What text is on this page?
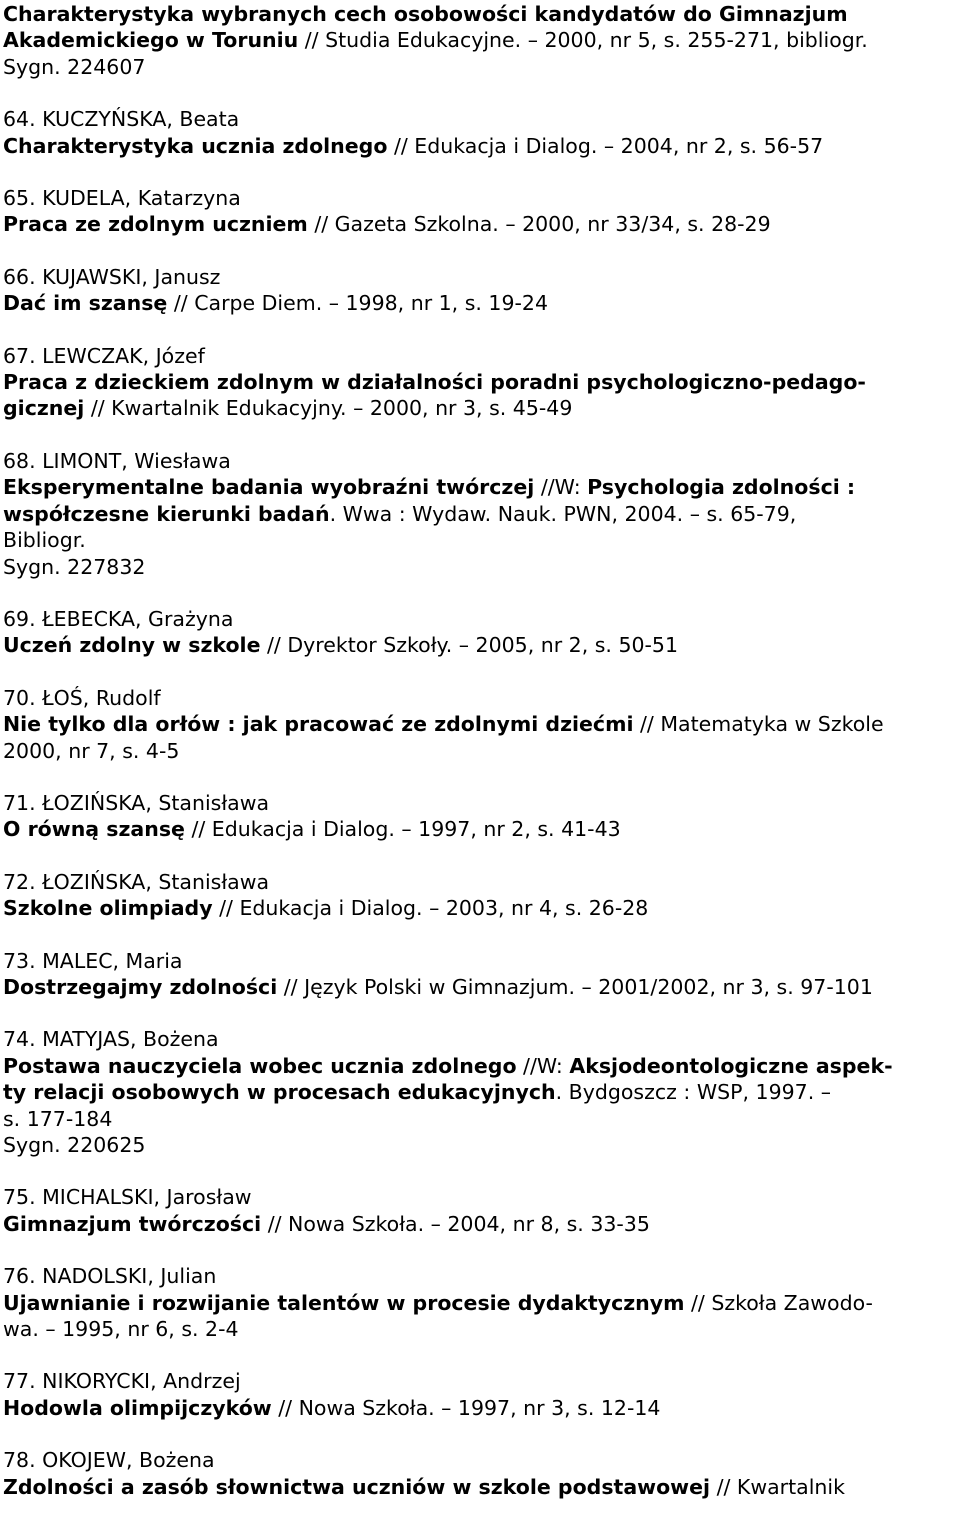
Charakterystyka wybranych cech osobowości kandydatów do Gimnazjum
Akademickiego w Toruniu // Studia Edukacyjne. – 2000, nr 5, s. 255-271, bibliogr.
Sygn. 224607
64. KUCZYŃSKA, Beata
Charakterystyka ucznia zdolnego // Edukacja i Dialog. – 2004, nr 2, s. 56-57
65. KUDELA, Katarzyna
Praca ze zdolnym uczniem // Gazeta Szkolna. – 2000, nr 33/34, s. 28-29
66. KUJAWSKI, Janusz
Dać im szansę // Carpe Diem. – 1998, nr 1, s. 19-24
67. LEWCZAK, Józef
Praca z dzieckiem zdolnym w działalności poradni psychologiczno-pedago-
gicznej // Kwartalnik Edukacyjny. – 2000, nr 3, s. 45-49
68. LIMONT, Wiesława
Eksperymentalne badania wyobraźni twórczej //W: Psychologia zdolności :
współczesne kierunki badań. Wwa : Wydaw. Nauk. PWN, 2004. – s. 65-79,
Bibliogr.
Sygn. 227832
69. ŁEBECKA, Grażyna
Uczeń zdolny w szkole // Dyrektor Szkoły. – 2005, nr 2, s. 50-51
70. ŁOŚ, Rudolf
Nie tylko dla orłów : jak pracować ze zdolnymi dziećmi // Matematyka w Szkole
2000, nr 7, s. 4-5
71. ŁOZIŃSKA, Stanisława
O równą szansę // Edukacja i Dialog. – 1997, nr 2, s. 41-43
72. ŁOZIŃSKA, Stanisława
Szkolne olimpiady // Edukacja i Dialog. – 2003, nr 4, s. 26-28
73. MALEC, Maria
Dostrzegajmy zdolności // Język Polski w Gimnazjum. – 2001/2002, nr 3, s. 97-101
74. MATYJAS, Bożena
Postawa nauczyciela wobec ucznia zdolnego //W: Aksjodeontologiczne aspek-
ty relacji osobowych w procesach edukacyjnych. Bydgoszcz : WSP, 1997. –
s. 177-184
Sygn. 220625
75. MICHALSKI, Jarosław
Gimnazjum twórczości // Nowa Szkoła. – 2004, nr 8, s. 33-35
76. NADOLSKI, Julian
Ujawnianie i rozwijanie talentów w procesie dydaktycznym // Szkoła Zawodo-
wa. – 1995, nr 6, s. 2-4
77. NIKORYCKI, Andrzej
Hodowla olimpijczyków // Nowa Szkoła. – 1997, nr 3, s. 12-14
78. OKOJEW, Bożena
Zdolności a zasób słownictwa uczniów w szkole podstawowej // Kwartalnik
